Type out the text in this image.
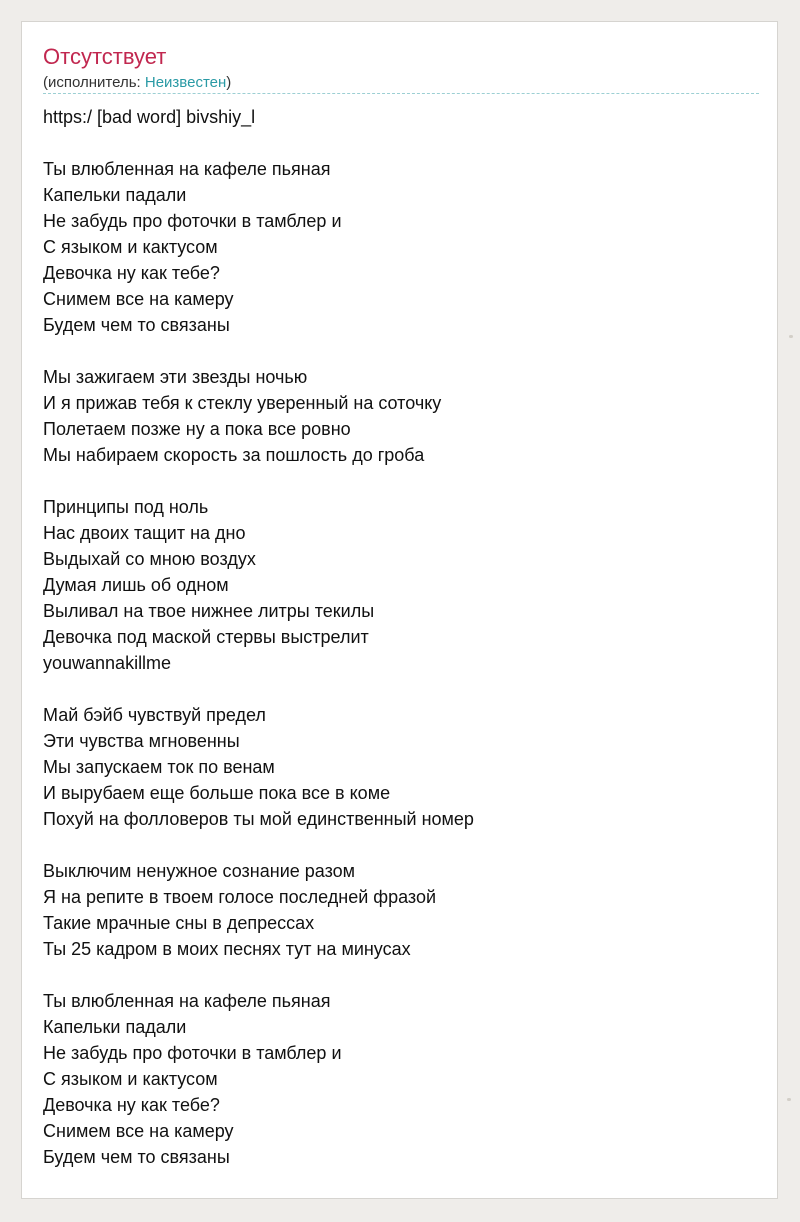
Отсутствует
(исполнитель: Неизвестен)
https:/ [bad word] bivshiy_l
Ты влюбленная на кафеле пьяная
Капельки падали
Не забудь про фоточки в тамблер и
С языком и кактусом
Девочка ну как тебе?
Снимем все на камеру
Будем чем то связаны
Мы зажигаем эти звезды ночью
И я прижав тебя к стеклу уверенный на соточку
Полетаем позже ну а пока все ровно
Мы набираем скорость за пошлость до гроба
Принципы под ноль
Нас двоих тащит на дно
Выдыхай со мною воздух
Думая лишь об одном
Выливал на твое нижнее литры текилы
Девочка под маской стервы выстрелит
youwannakillme
Май бэйб чувствуй предел
Эти чувства мгновенны
Мы запускаем ток по венам
И вырубаем еще больше пока все в коме
Похуй на фолловеров ты мой единственный номер
Выключим ненужное сознание разом
Я на репите в твоем голосе последней фразой
Такие мрачные сны в депрессах
Ты 25 кадром в моих песнях тут на минусах
Ты влюбленная на кафеле пьяная
Капельки падали
Не забудь про фоточки в тамблер и
С языком и кактусом
Девочка ну как тебе?
Снимем все на камеру
Будем чем то связаны
